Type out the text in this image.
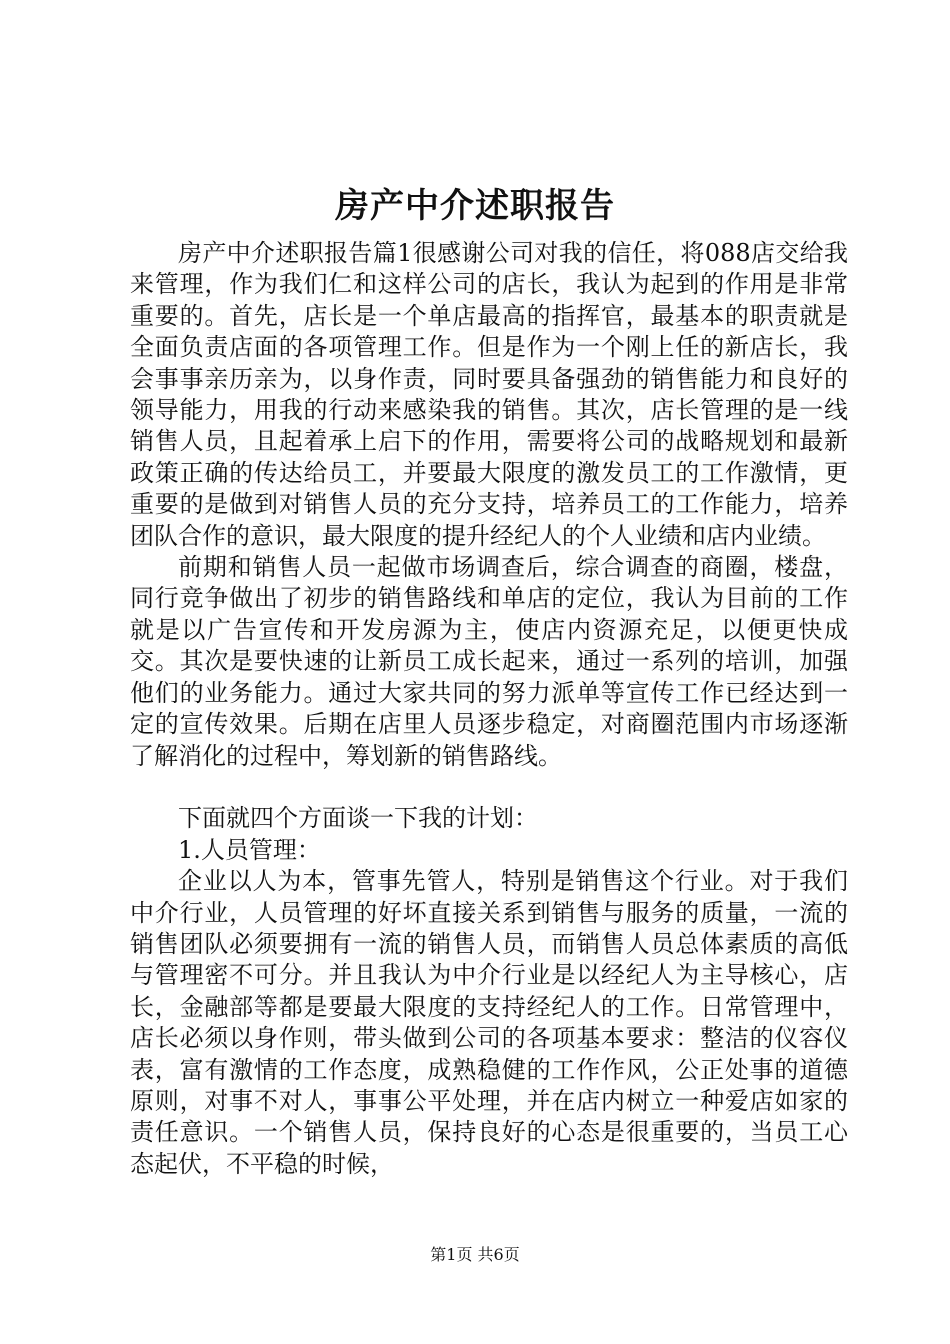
房产中介述职报告

房产中介述职报告篇1很感谢公司对我的信任，将088店交给我来管理，作为我们仁和这样公司的店长，我认为起到的作用是非常重要的。首先，店长是一个单店最高的指挥官，最基本的职责就是全面负责店面的各项管理工作。但是作为一个刚上任的新店长，我会事事亲历亲为，以身作责，同时要具备强劲的销售能力和良好的领导能力，用我的行动来感染我的销售。其次，店长管理的是一线销售人员，且起着承上启下的作用，需要将公司的战略规划和最新政策正确的传达给员工，并要最大限度的激发员工的工作激情，更重要的是做到对销售人员的充分支持，培养员工的工作能力，培养团队合作的意识，最大限度的提升经纪人的个人业绩和店内业绩。

前期和销售人员一起做市场调查后，综合调查的商圈，楼盘，同行竞争做出了初步的销售路线和单店的定位，我认为目前的工作就是以广告宣传和开发房源为主，使店内资源充足，以便更快成交。其次是要快速的让新员工成长起来，通过一系列的培训，加强他们的业务能力。通过大家共同的努力派单等宣传工作已经达到一定的宣传效果。后期在店里人员逐步稳定，对商圈范围内市场逐渐了解消化的过程中，筹划新的销售路线。

下面就四个方面谈一下我的计划：

1.人员管理：

企业以人为本，管事先管人，特别是销售这个行业。对于我们中介行业，人员管理的好坏直接关系到销售与服务的质量，一流的销售团队必须要拥有一流的销售人员，而销售人员总体素质的高低与管理密不可分。并且我认为中介行业是以经纪人为主导核心，店长，金融部等都是要最大限度的支持经纪人的工作。日常管理中，店长必须以身作则，带头做到公司的各项基本要求：整洁的仪容仪表，富有激情的工作态度，成熟稳健的工作作风，公正处事的道德原则，对事不对人，事事公平处理，并在店内树立一种爱店如家的责任意识。一个销售人员，保持良好的心态是很重要的，当员工心态起伏，不平稳的时候，

第1页 共6页
